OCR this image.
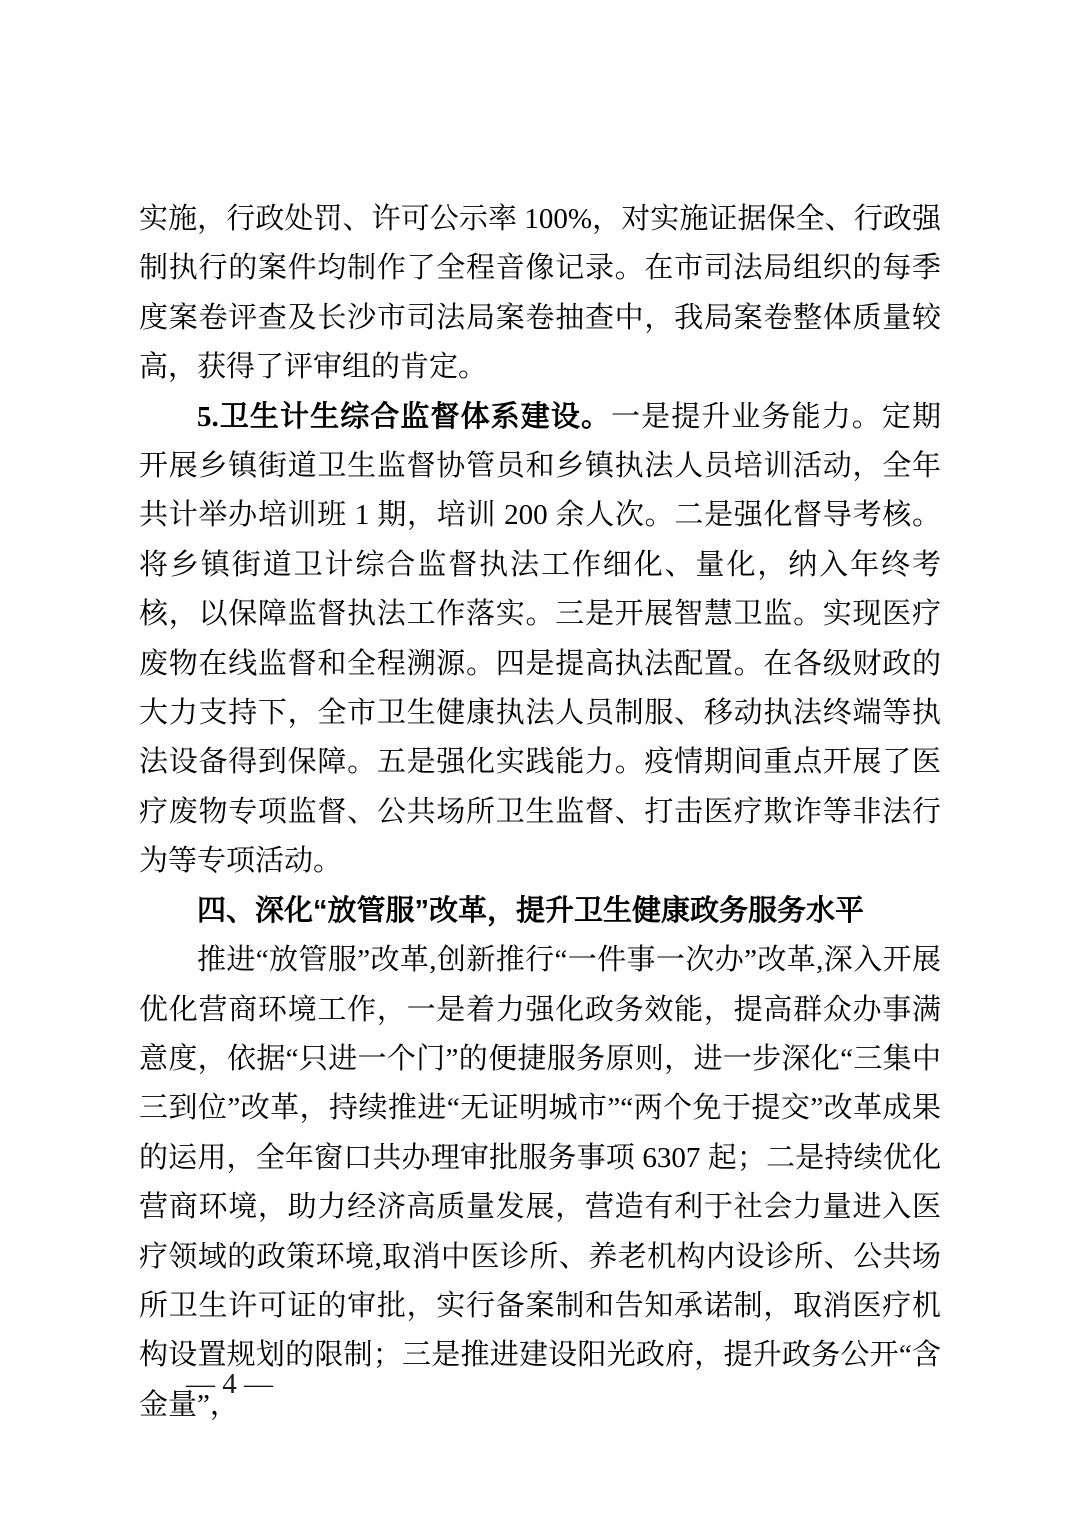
实施，行政处罚、许可公示率 100%，对实施证据保全、行政强制执行的案件均制作了全程音像记录。在市司法局组织的每季度案卷评查及长沙市司法局案卷抽查中，我局案卷整体质量较高，获得了评审组的肯定。

5.卫生计生综合监督体系建设。一是提升业务能力。定期开展乡镇街道卫生监督协管员和乡镇执法人员培训活动，全年共计举办培训班 1 期，培训 200 余人次。二是强化督导考核。将乡镇街道卫计综合监督执法工作细化、量化，纳入年终考核，以保障监督执法工作落实。三是开展智慧卫监。实现医疗废物在线监督和全程溯源。四是提高执法配置。在各级财政的大力支持下，全市卫生健康执法人员制服、移动执法终端等执法设备得到保障。五是强化实践能力。疫情期间重点开展了医疗废物专项监督、公共场所卫生监督、打击医疗欺诈等非法行为等专项活动。

四、深化“放管服”改革，提升卫生健康政务服务水平

推进“放管服”改革,创新推行“一件事一次办”改革,深入开展优化营商环境工作，一是着力强化政务效能，提高群众办事满意度，依据“只进一个门”的便捷服务原则，进一步深化“三集中三到位”改革，持续推进“无证明城市”“两个免于提交”改革成果的运用，全年窗口共办理审批服务事项 6307 起；二是持续优化营商环境，助力经济高质量发展，营造有利于社会力量进入医疗领域的政策环境,取消中医诊所、养老机构内设诊所、公共场所卫生许可证的审批，实行备案制和告知承诺制，取消医疗机构设置规划的限制；三是推进建设阳光政府，提升政务公开“含金量”，

— 4 —
